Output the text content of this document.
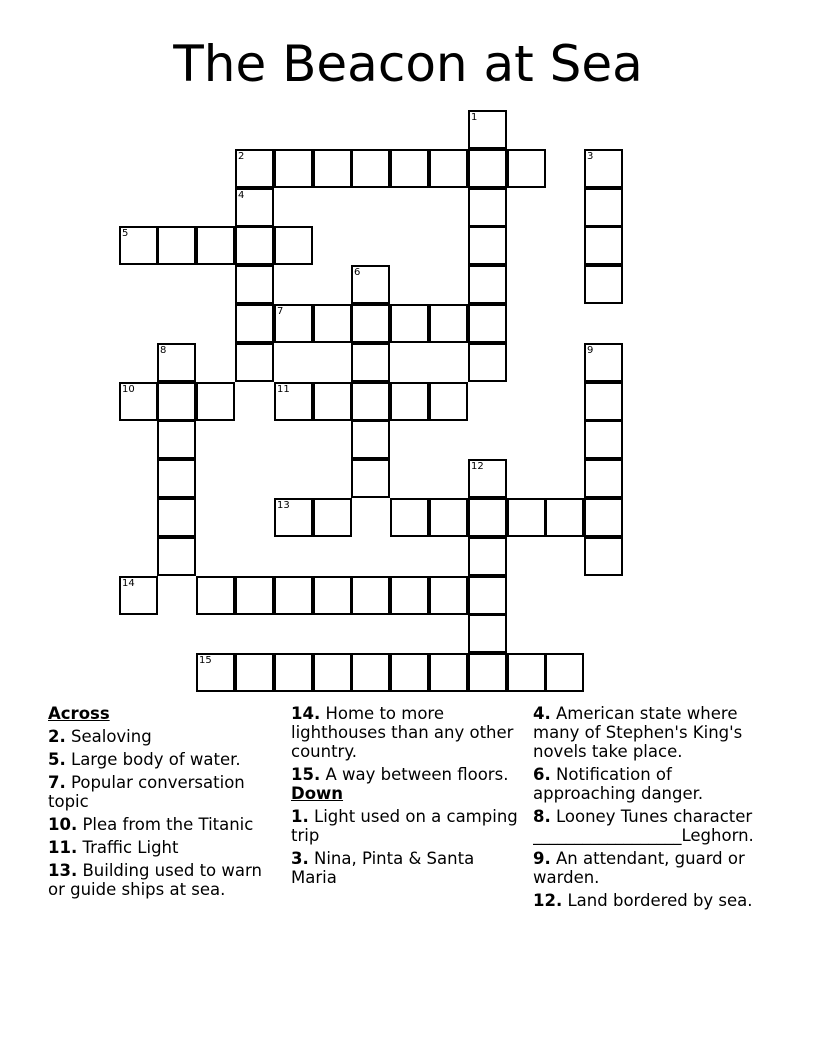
The Beacon at Sea
1
2	3
4
5
6
7
8	9
10	11
12
13
14
15
Across
2. Sealoving
5. Large body of water.
7. Popular conversation topic
10. Plea from the Titanic
11. Traffic Light
13. Building used to warn or guide ships at sea.
14. Home to more lighthouses than any other country.
15. A way between floors.
Down
1. Light used on a camping trip
3. Nina, Pinta & Santa Maria
4. American state where many of Stephen's King's novels take place.
6. Notification of approaching danger.
8. Looney Tunes character
__________________Leghorn.
9. An attendant, guard or warden.
12. Land bordered by sea.
